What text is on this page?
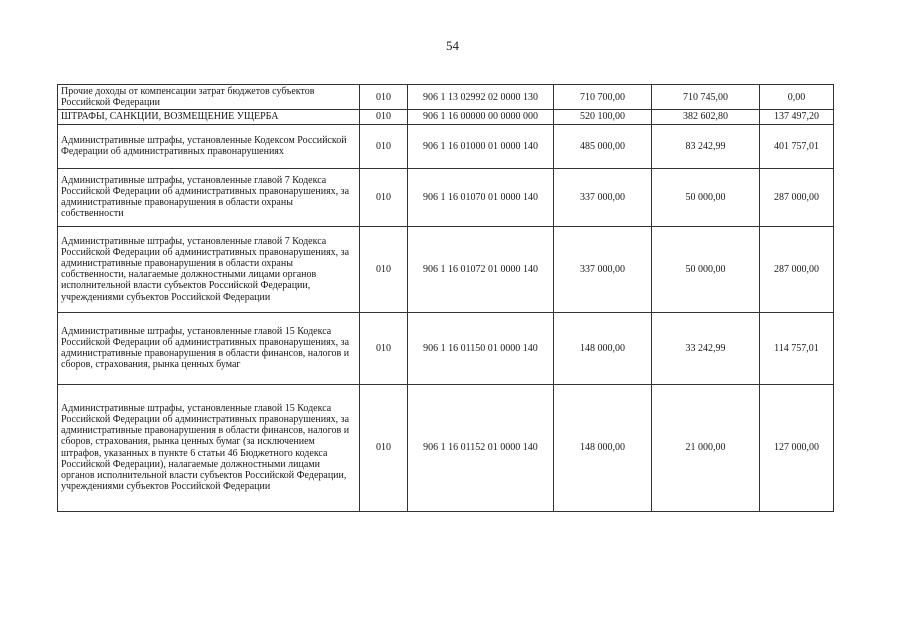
54
Прочие доходы от компенсации затрат бюджетов субъектов Российской Федерации	010	906 1 13 02992 02 0000 130	710 700,00	710 745,00	0,00
ШТРАФЫ, САНКЦИИ, ВОЗМЕЩЕНИЕ УЩЕРБА	010	906 1 16 00000 00 0000 000	520 100,00	382 602,80	137 497,20
Административные штрафы, установленные Кодексом Российской Федерации об административных правонарушениях	010	906 1 16 01000 01 0000 140	485 000,00	83 242,99	401 757,01
Административные штрафы, установленные главой 7 Кодекса Российской Федерации об административных правонарушениях, за административные правонарушения в области охраны собственности	010	906 1 16 01070 01 0000 140	337 000,00	50 000,00	287 000,00
Административные штрафы, установленные главой 7 Кодекса Российской Федерации об административных правонарушениях, за административные правонарушения в области охраны собственности, налагаемые должностными лицами органов исполнительной власти субъектов Российской Федерации, учреждениями субъектов Российской Федерации	010	906 1 16 01072 01 0000 140	337 000,00	50 000,00	287 000,00
Административные штрафы, установленные главой 15 Кодекса Российской Федерации об административных правонарушениях, за административные правонарушения в области финансов, налогов и сборов, страхования, рынка ценных бумаг	010	906 1 16 01150 01 0000 140	148 000,00	33 242,99	114 757,01
Административные штрафы, установленные главой 15 Кодекса Российской Федерации об административных правонарушениях, за административные правонарушения в области финансов, налогов и сборов, страхования, рынка ценных бумаг (за исключением штрафов, указанных в пункте 6 статьи 46 Бюджетного кодекса Российской Федерации), налагаемые должностными лицами органов исполнительной власти субъектов Российской Федерации, учреждениями субъектов Российской Федерации	010	906 1 16 01152 01 0000 140	148 000,00	21 000,00	127 000,00
